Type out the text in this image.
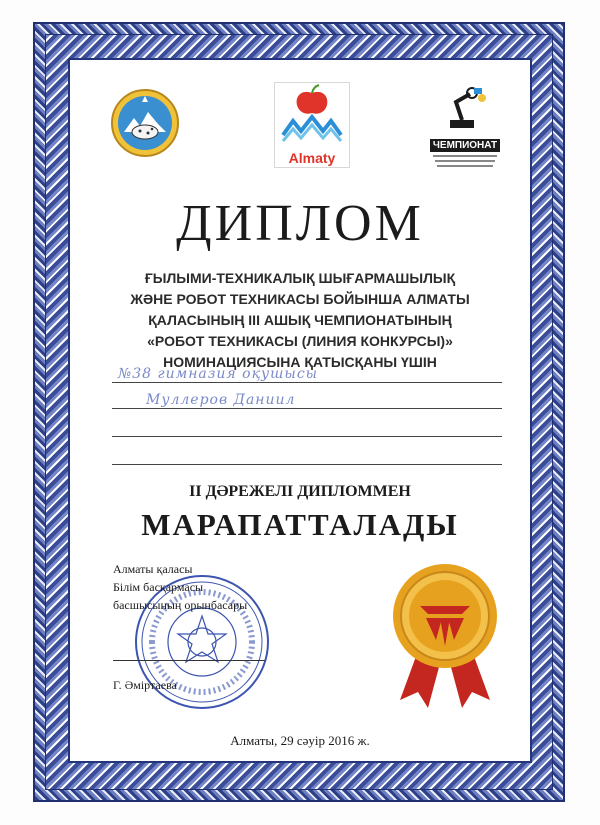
Almaty
ЧЕМПИОНАТ
ДИПЛОМ
ҒЫЛЫМИ-ТЕХНИКАЛЫҚ ШЫҒАРМАШЫЛЫҚ
ЖӘНЕ РОБОТ ТЕХНИКАСЫ БОЙЫНША АЛМАТЫ
ҚАЛАСЫНЫҢ III АШЫҚ ЧЕМПИОНАТЫНЫҢ
«РОБОТ ТЕХНИКАСЫ (ЛИНИЯ КОНКУРСЫ)»
НОМИНАЦИЯСЫНА ҚАТЫСҚАНЫ ҮШІН
№38 гимназия оқушысы
Муллеров Даниил
II ДӘРЕЖЕЛІ ДИПЛОММЕН
МАРАПАТТАЛАДЫ
Алматы қаласы
Білім басқармасы
басшысының орынбасары
Г. Әміртаева
Алматы, 29 сәуір 2016 ж.
